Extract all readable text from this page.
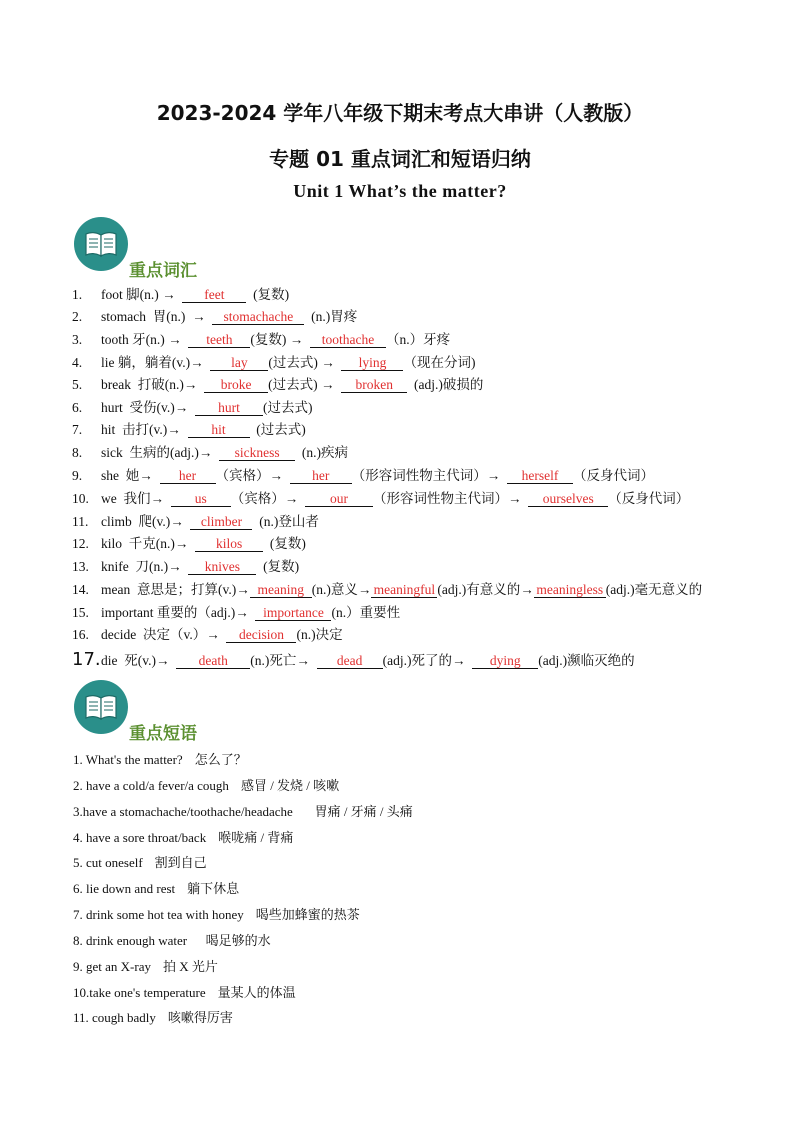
2023-2024 学年八年级下期末考点大串讲（人教版）
专题 01 重点词汇和短语归纳
Unit 1 What’s the matter?
重点词汇
1. foot 脚(n.) →  feet  (复数)
2. stomach  胃(n.)  →  stomachache  (n.)胃疼
3. tooth 牙(n.) →  teeth (复数) →  toothache （n.）牙疼
4. lie 躺，躺着(v.)→  lay (过去式) →  lying （现在分词)
5. break  打破(n.)→  broke (过去式) →  broken  (adj.)破损的
6. hurt  受伤(v.)→  hurt (过去式)
7. hit  击打(v.)→  hit  (过去式)
8. sick  生病的(adj.)→  sickness  (n.)疾病
9. she  她→  her （宾格）→  her （形容词性物主代词）→  herself （反身代词）
10. we  我们→  us （宾格）→  our （形容词性物主代词）→  ourselves （反身代词）
11. climb  爬(v.)→  climber  (n.)登山者
12. kilo  千克(n.)→  kilos  (复数)
13. knife  刀(n.)→  knives  (复数)
14. mean  意思是；打算(v.)→ meaning (n.)意义→ meaningful (adj.)有意义的→ meaningless (adj.)毫无意义的
15. important 重要的（adj.)→  importance (n.）重要性
16. decide  决定（v.）→  decision (n.)决定
17.die  死(v.)→  death (n.)死亡→  dead (adj.)死了的→  dying (adj.)濒临灭绝的
重点短语
1. What's the matter? 怎么了？
2. have a cold/a fever/a cough 感冒 / 发烧 / 咳嗽
3.have a stomachache/toothache/headache   胃痛 / 牙痛 / 头痛
4. have a sore throat/back 喉咙痛 / 背痛
5. cut oneself 割到自己
6. lie down and rest 躺下休息
7. drink some hot tea with honey 喝些加蜂蜜的热茶
8. drink enough water  喝足够的水
9. get an X-ray 拍 X 光片
10.take one's temperature 量某人的体温
11. cough badly 咳嗽得厉害
